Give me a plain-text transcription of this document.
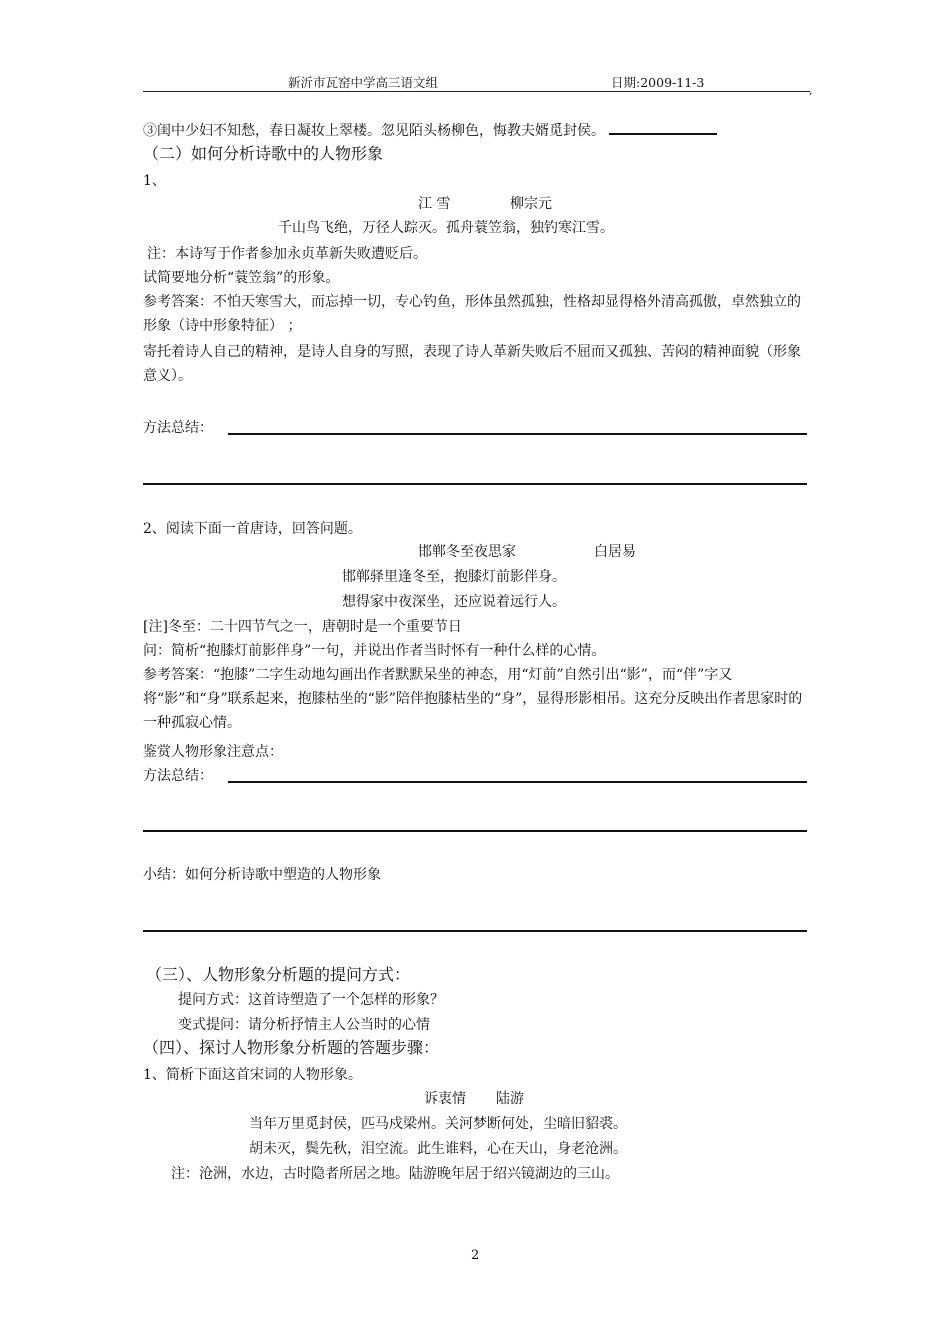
新沂市瓦窑中学高三语文组	日期:2009-11-3
,
③闺中少妇不知愁，春日凝妆上翠楼。忽见陌头杨柳色，悔教夫婿觅封侯。
（二）如何分析诗歌中的人物形象
1、
江 雪	柳宗元
千山鸟飞绝，万径人踪灭。孤舟蓑笠翁，独钓寒江雪。
注：本诗写于作者参加永贞革新失败遭贬后。
试简要地分析“蓑笠翁”的形象。
参考答案：不怕天寒雪大，而忘掉一切，专心钓鱼，形体虽然孤独，性格却显得格外清高孤傲，卓然独立的形象（诗中形象特征） ；
寄托着诗人自己的精神，是诗人自身的写照，表现了诗人革新失败后不屈而又孤独、苦闷的精神面貌（形象意义）。
方法总结：
2、阅读下面一首唐诗，回答问题。
邯郸冬至夜思家	白居易
邯郸驿里逢冬至，抱膝灯前影伴身。
想得家中夜深坐，还应说着远行人。
[注]冬至：二十四节气之一，唐朝时是一个重要节日
问：简析“抱膝灯前影伴身”一句，并说出作者当时怀有一种什么样的心情。
参考答案：“抱膝”二字生动地勾画出作者默默呆坐的神态，用“灯前”自然引出“影”，而“伴”字又将“影”和“身”联系起来，抱膝枯坐的“影”陪伴抱膝枯坐的“身”，显得形影相吊。这充分反映出作者思家时的一种孤寂心情。
鉴赏人物形象注意点：
方法总结：
小结：如何分析诗歌中塑造的人物形象
（三）、人物形象分析题的提问方式：
提问方式：这首诗塑造了一个怎样的形象？
变式提问：请分析抒情主人公当时的心情
（四）、探讨人物形象分析题的答题步骤：
1、简析下面这首宋词的人物形象。
诉衷情 陆游
当年万里觅封侯，匹马戍梁州。关河梦断何处，尘暗旧貂裘。
胡未灭，鬓先秋，泪空流。此生谁料，心在天山，身老沧洲。
注：沧洲，水边，古时隐者所居之地。陆游晚年居于绍兴镜湖边的三山。
2
